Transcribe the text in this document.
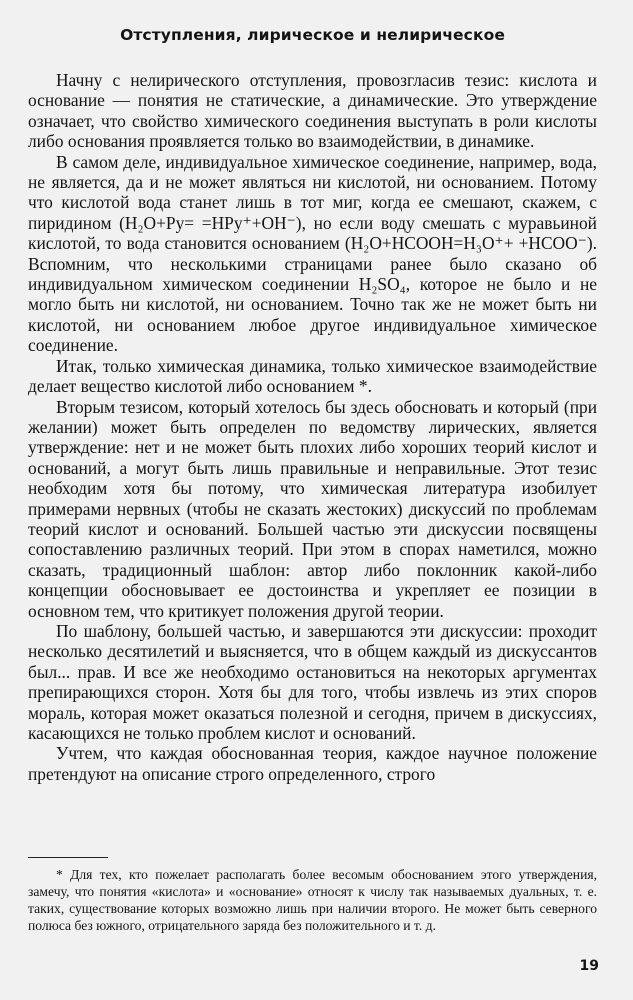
Отступления, лирическое и нелирическое

Начну с нелирического отступления, провозгласив тезис: кислота и основание — понятия не статические, а динамические. Это утверждение означает, что свойство химического соединения выступать в роли кислоты либо основания проявляется только во взаимодействии, в динамике.

В самом деле, индивидуальное химическое соединение, например, вода, не является, да и не может являться ни кислотой, ни основанием. Потому что кислотой вода станет лишь в тот миг, когда ее смешают, скажем, с пиридином (H₂O+Py= =HPy⁺+OH⁻), но если воду смешать с муравьиной кислотой, то вода становится основанием (H₂O+HCOOH=H₃O⁺+ +HCOO⁻). Вспомним, что несколькими страницами ранее было сказано об индивидуальном химическом соединении H₂SO₄, которое не было и не могло быть ни кислотой, ни основанием. Точно так же не может быть ни кислотой, ни основанием любое другое индивидуальное химическое соединение.

Итак, только химическая динамика, только химическое взаимодействие делает вещество кислотой либо основанием *.

Вторым тезисом, который хотелось бы здесь обосновать и который (при желании) может быть определен по ведомству лирических, является утверждение: нет и не может быть плохих либо хороших теорий кислот и оснований, а могут быть лишь правильные и неправильные. Этот тезис необходим хотя бы потому, что химическая литература изобилует примерами нервных (чтобы не сказать жестоких) дискуссий по проблемам теорий кислот и оснований. Большей частью эти дискуссии посвящены сопоставлению различных теорий. При этом в спорах наметился, можно сказать, традиционный шаблон: автор либо поклонник какой-либо концепции обосновывает ее достоинства и укрепляет ее позиции в основном тем, что критикует положения другой теории.

По шаблону, большей частью, и завершаются эти дискуссии: проходит несколько десятилетий и выясняется, что в общем каждый из дискуссантов был... прав. И все же необходимо остановиться на некоторых аргументах препирающихся сторон. Хотя бы для того, чтобы извлечь из этих споров мораль, которая может оказаться полезной и сегодня, причем в дискуссиях, касающихся не только проблем кислот и оснований.

Учтем, что каждая обоснованная теория, каждое научное положение претендуют на описание строго определенного, строго

* Для тех, кто пожелает располагать более весомым обоснованием этого утверждения, замечу, что понятия «кислота» и «основание» относят к числу так называемых дуальных, т. е. таких, существование которых возможно лишь при наличии второго. Не может быть северного полюса без южного, отрицательного заряда без положительного и т. д.

19
